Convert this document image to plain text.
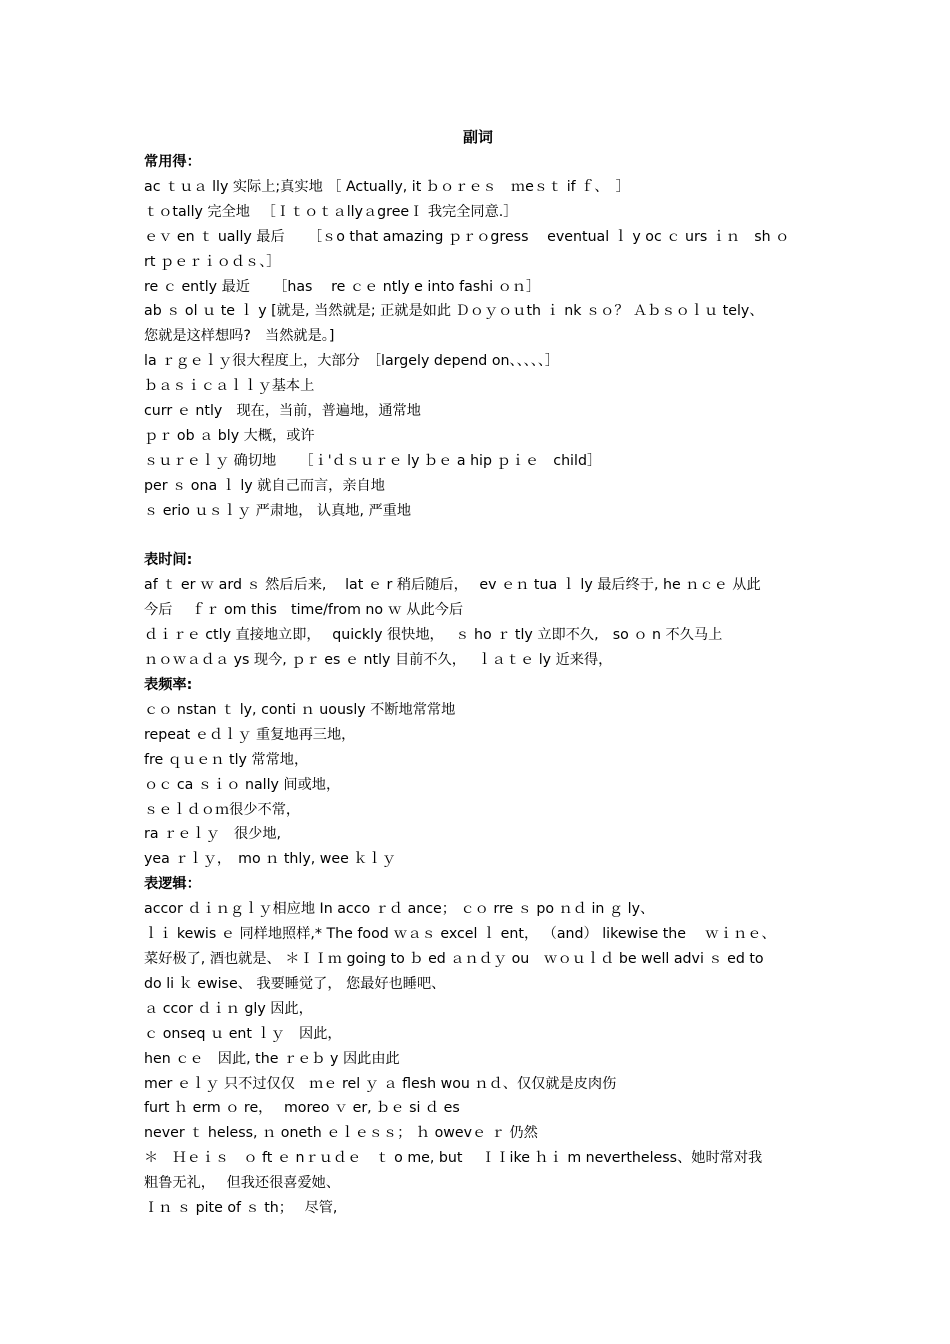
副词
常用得：
ac ｔｕａ lly 实际上;真实地 ［ Actually, it ｂｏｒｅｓ　ｍeｓｔ if ｆ、　］
ｔｏtally 完全地 　［ＩｔｏｔａllyａgreeＩ 我完全同意.］
ｅｖ en ｔ ually 最后 　 ［ｓo that amazing ｐｒｏgress 　eventual ｌ y oc ｃ urs ｉｎ　sh ｏ
rt ｐｅｒｉｏｄｓ、］
re ｃ ently 最近 　 ［has 　re ｃｅ ntly e into fashi ｏｎ］
ab ｓ ol ｕ te ｌ y [就是, 当然就是; 正就是如此 Ｄｏｙｏｕth ｉ nk ｓｏ？ Ａｂｓｏｌｕ tely、
您就是这样想吗?　当然就是。]
la ｒｇｅｌｙ很大程度上，大部分　［largely depend on、、、、、］
ｂａｓｉｃａｌｌｙ基本上
curr ｅ ntly　现在，当前，普遍地，通常地
ｐｒ ob ａ bly 大概，或许
ｓｕｒｅｌｙ 确切地 　 ［ｉ'ｄｓｕｒｅ ly ｂｅ a hip ｐｉｅ　child］
per ｓ ona ｌ ly 就自己而言，亲自地
ｓ erio ｕｓｌｙ 严肃地， 认真地, 严重地
表时间:
af ｔ er ｗ ard ｓ 然后后来,　 lat ｅ r 稍后随后，　 ev ｅｎ tua ｌ ly 最后终于, he ｎｃｅ 从此
今后 　ｆｒ om this　time/from no ｗ 从此今后
ｄｉｒｅ ctly 直接地立即，　 quickly 很快地，　 ｓ ho ｒ tly 立即不久,　so ｏ n 不久马上
ｎｏｗａｄａ ys 现今, ｐｒ es ｅ ntly 目前不久，　 ｌａｔｅ ly 近来得，
表频率:
ｃｏ nstan ｔ ly, conti ｎ uously 不断地常常地
repeat ｅｄｌｙ 重复地再三地，
fre ｑｕｅｎ tly 常常地，
ｏｃ ca ｓｉｏ nally 间或地，
ｓｅｌｄｏｍ很少不常，
ra ｒｅｌｙ　很少地,
yea ｒｌｙ，　mo ｎ thly, wee ｋｌｙ
表逻辑：
accor ｄｉｎｇｌｙ相应地 In acco ｒｄ ance； ｃｏ rre ｓ po ｎｄ in ｇ ly、
ｌｉ kewis ｅ 同样地照样,* The food ｗａｓ excel ｌ ent， （and） likewise the 　ｗｉｎｅ、
菜好极了, 酒也就是、 ＊ＩＩｍ going to ｂ ed ａｎｄｙ ou　ｗｏｕｌｄ be well advi ｓ ed to
do li ｋ ewise、 我要睡觉了， 您最好也睡吧、
ａ ccor ｄｉｎ gly 因此，
ｃ onseq ｕ ent ｌｙ　因此，
hen ｃｅ　因此, the ｒｅｂ y 因此由此
mer ｅｌｙ 只不过仅仅　ｍｅ rel ｙ ａ flesh wou ｎｄ、仅仅就是皮肉伤
furt ｈ erm ｏ re，　 moreo ｖ er, ｂｅ si ｄ es
never ｔ heless, ｎ oneth ｅｌｅｓｓ； ｈ owevｅ ｒ 仍然
＊　Ｈｅｉｓ　ｏ ft ｅ nｒｕｄｅ　ｔ o me, but 　ＩＩike ｈｉ m nevertheless、她时常对我
粗鲁无礼，　 但我还很喜爱她、
Ｉｎ ｓ pite of ｓ th；　 尽管,
